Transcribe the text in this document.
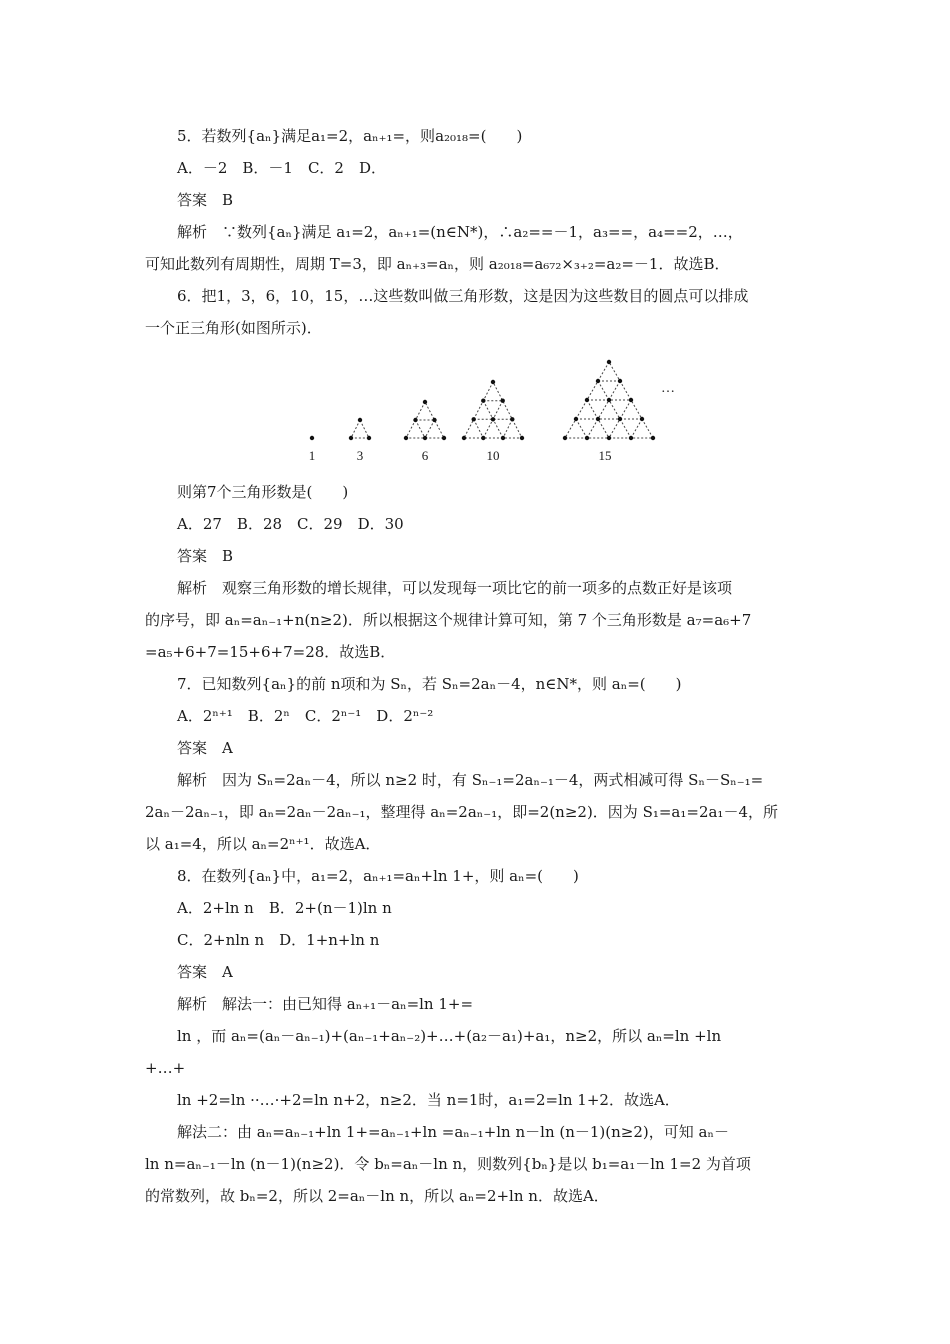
5．若数列{aₙ}满足a₁=2，aₙ₊₁=，则a₂₀₁₈=(　　)
A．－2　B．－1　C．2　D．
答案　B
解析　∵数列{aₙ}满足 a₁=2，aₙ₊₁=(n∈N*)，∴a₂==－1，a₃==，a₄==2，…，
可知此数列有周期性，周期 T=3，即 aₙ₊₃=aₙ，则 a₂₀₁₈=a₆₇₂×₃₊₂=a₂=－1．故选B．
6．把1，3，6，10，15，…这些数叫做三角形数，这是因为这些数目的圆点可以排成
一个正三角形(如图所示)．
1	3	6	10	15
…
则第7个三角形数是(　　)
A．27　B．28　C．29　D．30
答案　B
解析　观察三角形数的增长规律，可以发现每一项比它的前一项多的点数正好是该项
的序号，即 aₙ=aₙ₋₁+n(n≥2)．所以根据这个规律计算可知，第 7 个三角形数是 a₇=a₆+7
=a₅+6+7=15+6+7=28．故选B．
7．已知数列{aₙ}的前 n项和为 Sₙ，若 Sₙ=2aₙ－4，n∈N*，则 aₙ=(　　)
A．2ⁿ⁺¹　B．2ⁿ　C．2ⁿ⁻¹　D．2ⁿ⁻²
答案　A
解析　因为 Sₙ=2aₙ－4，所以 n≥2 时，有 Sₙ₋₁=2aₙ₋₁－4，两式相减可得 Sₙ－Sₙ₋₁=
2aₙ－2aₙ₋₁，即 aₙ=2aₙ－2aₙ₋₁，整理得 aₙ=2aₙ₋₁，即=2(n≥2)．因为 S₁=a₁=2a₁－4，所
以 a₁=4，所以 aₙ=2ⁿ⁺¹．故选A．
8．在数列{aₙ}中，a₁=2，aₙ₊₁=aₙ+ln 1+，则 aₙ=(　　)
A．2+ln n　B．2+(n－1)ln n
C．2+nln n　D．1+n+ln n
答案　A
解析　解法一：由已知得 aₙ₊₁－aₙ=ln 1+=
ln ，而 aₙ=(aₙ－aₙ₋₁)+(aₙ₋₁+aₙ₋₂)+…+(a₂－a₁)+a₁，n≥2，所以 aₙ=ln +ln
+…+
ln +2=ln ··…·+2=ln n+2，n≥2．当 n=1时，a₁=2=ln 1+2．故选A．
解法二：由 aₙ=aₙ₋₁+ln 1+=aₙ₋₁+ln =aₙ₋₁+ln n－ln (n－1)(n≥2)，可知 aₙ－
ln n=aₙ₋₁－ln (n－1)(n≥2)．令 bₙ=aₙ－ln n，则数列{bₙ}是以 b₁=a₁－ln 1=2 为首项
的常数列，故 bₙ=2，所以 2=aₙ－ln n，所以 aₙ=2+ln n．故选A．
